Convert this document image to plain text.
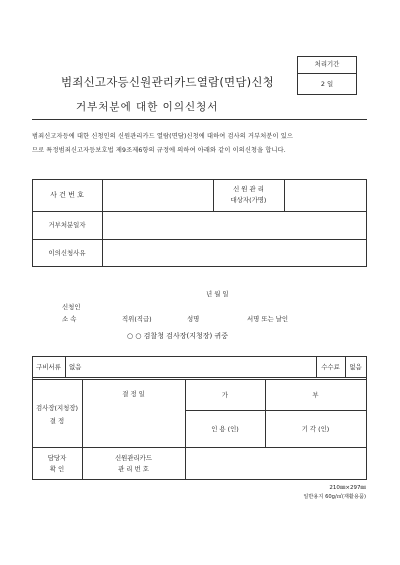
처리기간
2 일
범죄신고자등신원관리카드열람(면담)신청
거부처분에 대한 이의신청서
범죄신고자등에 대한 신청인의 신원관리카드 열람(면담)신청에 대하여 검사의 거부처분이 있으
므로 특정범죄신고자등보호법 제9조제6항의 규정에 의하여 아래와 같이 이의신청을 합니다.
사 건 번 호
신 원 관 리
대상자(가명)
거부처분일자
이의신청사유
년 월 일
신청인
소 속	직위(직급)	성명	서명 또는 날인
○ ○ 검찰청 검사장(지청장) 귀중
구비서류	없음	수수료	없음
검사장(지청장)
결 정
결 정 일	가	부
인 용 (인)	기 각 (인)
담당자
확 인
신원관리카드
관 리 번 호
210㎜×297㎜
일반용지 60g/㎡(재활용품)
